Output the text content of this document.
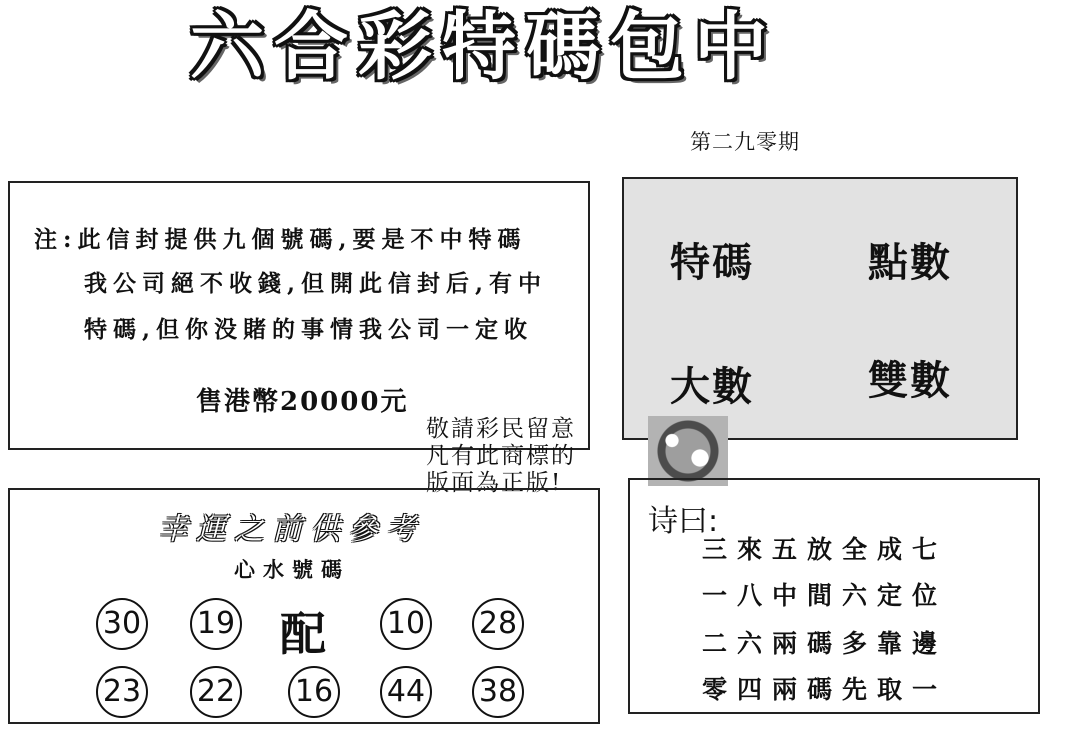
六合彩特碼包中
第二九零期
注:此信封提供九個號碼,要是不中特碼
我公司絕不收錢,但開此信封后,有中
特碼,但你没賭的事情我公司一定收
售港幣20000元
特碼	點數
大數	雙數
敬請彩民留意
凡有此商標的
版面為正版!
幸運之前供參考
心水號碼
30 19 配 10 28
23 22 16 44 38
诗曰:
三來五放全成七
一八中間六定位
二六兩碼多靠邊
零四兩碼先取一
